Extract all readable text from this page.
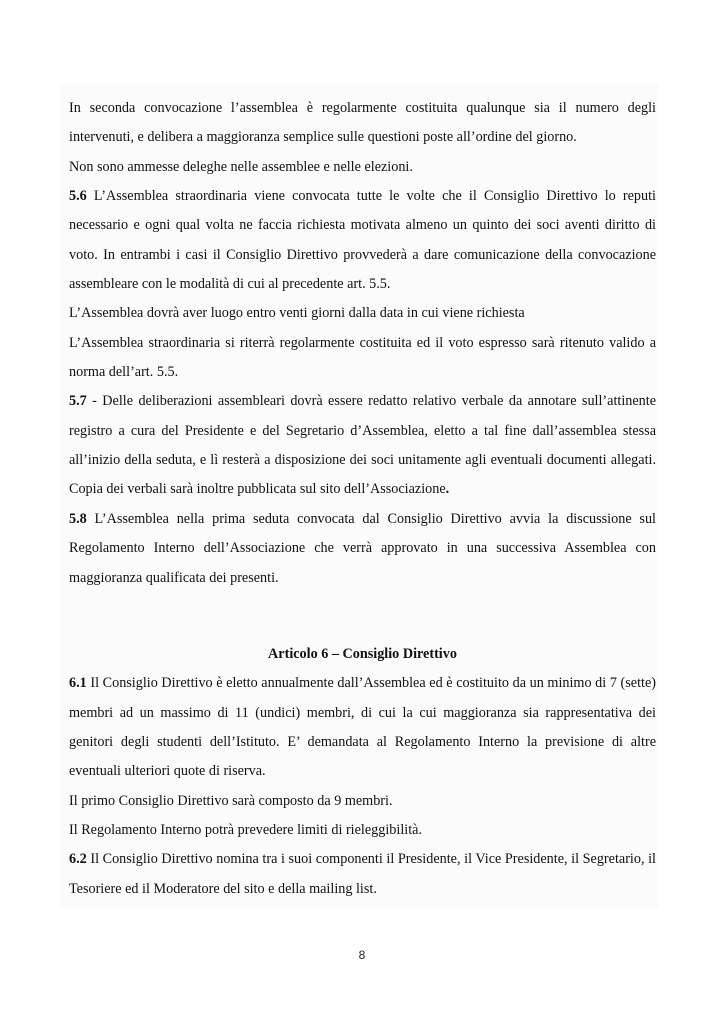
In seconda convocazione l’assemblea è regolarmente costituita qualunque sia il numero degli intervenuti, e delibera a maggioranza semplice sulle questioni poste all’ordine del giorno.

Non sono ammesse deleghe nelle assemblee e nelle elezioni.

5.6 L’Assemblea straordinaria viene convocata tutte le volte che il Consiglio Direttivo lo reputi necessario e ogni qual volta ne faccia richiesta motivata almeno un quinto dei soci aventi diritto di voto. In entrambi i casi il Consiglio Direttivo provvederà a dare comunicazione della convocazione assembleare con le modalità di cui al precedente art. 5.5.

L’Assemblea dovrà aver luogo entro venti giorni dalla data in cui viene richiesta

L’Assemblea straordinaria si riterrà regolarmente costituita ed il voto espresso sarà ritenuto valido a norma dell’art. 5.5.

5.7 - Delle deliberazioni assembleari dovrà essere redatto relativo verbale da annotare sull’attinente registro a cura del Presidente e del Segretario d’Assemblea, eletto a tal fine dall’assemblea stessa all’inizio della seduta, e lì resterà a disposizione dei soci unitamente agli eventuali documenti allegati. Copia dei verbali sarà inoltre pubblicata sul sito dell’Associazione.

5.8 L’Assemblea nella prima seduta convocata dal Consiglio Direttivo avvia la discussione sul Regolamento Interno dell’Associazione che verrà approvato in una successiva Assemblea con maggioranza qualificata dei presenti.

Articolo 6 – Consiglio Direttivo

6.1 Il Consiglio Direttivo è eletto annualmente dall’Assemblea ed è costituito da un minimo di 7 (sette) membri ad un massimo di 11 (undici) membri, di cui la cui maggioranza sia rappresentativa dei genitori degli studenti dell’Istituto. E’ demandata al Regolamento Interno la previsione di altre eventuali ulteriori quote di riserva.

Il primo Consiglio Direttivo sarà composto da 9 membri.

Il Regolamento Interno potrà prevedere limiti di rieleggibilità.

6.2 Il Consiglio Direttivo nomina tra i suoi componenti il Presidente, il Vice Presidente, il Segretario, il Tesoriere ed il Moderatore del sito e della mailing list.

8
